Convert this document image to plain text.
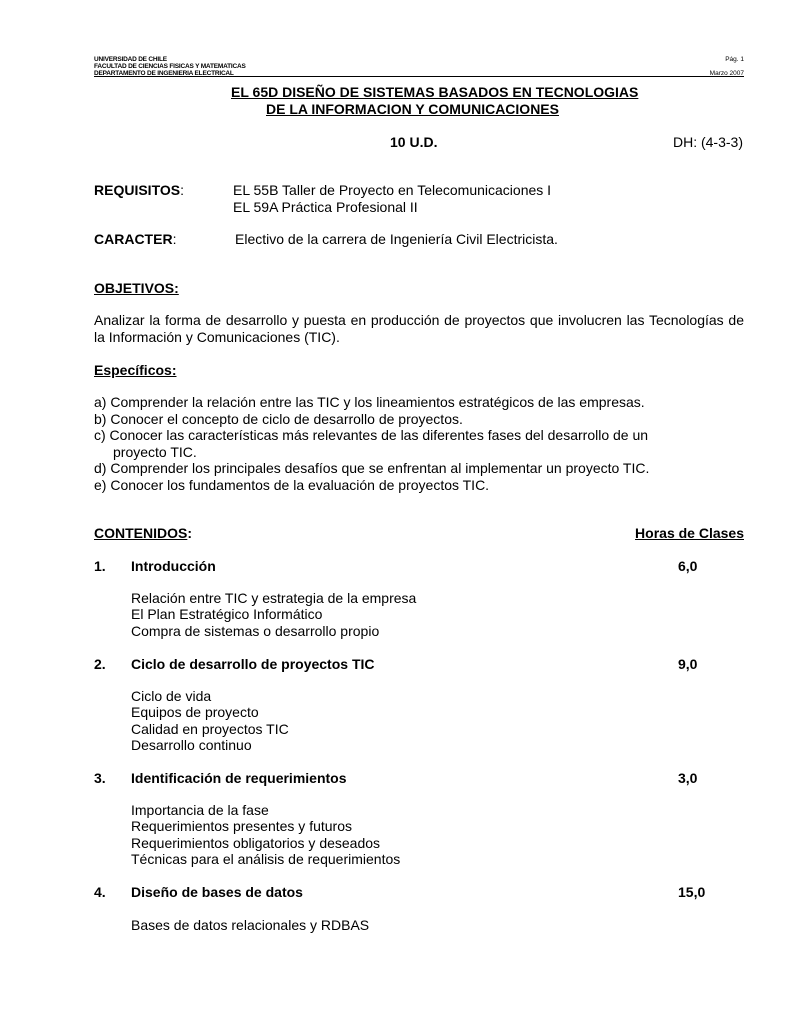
UNIVERSIDAD DE CHILE
FACULTAD DE CIENCIAS FISICAS Y MATEMATICAS
DEPARTAMENTO DE INGENIERIA ELECTRICAL
Pág. 1
Marzo 2007
EL 65D DISEÑO DE SISTEMAS BASADOS EN TECNOLOGIAS
DE LA INFORMACION Y COMUNICACIONES
10 U.D.	DH: (4-3-3)
REQUISITOS:	EL 55B Taller de Proyecto en Telecomunicaciones I
EL 59A Práctica Profesional II
CARACTER:	Electivo de la carrera de Ingeniería Civil Electricista.
OBJETIVOS:
Analizar la forma de desarrollo y puesta en producción de proyectos que involucren las Tecnologías de la Información y Comunicaciones (TIC).
Específicos:
a) Comprender la relación entre las TIC y los lineamientos estratégicos de las empresas.
b) Conocer el concepto de ciclo de desarrollo de proyectos.
c) Conocer las características más relevantes de las diferentes fases del desarrollo de un proyecto TIC.
d) Comprender los principales desafíos que se enfrentan al implementar un proyecto TIC.
e) Conocer los fundamentos de la evaluación de proyectos TIC.
CONTENIDOS:	Horas de Clases
1. Introducción	6,0
Relación entre TIC y estrategia de la empresa
El Plan Estratégico Informático
Compra de sistemas o desarrollo propio
2. Ciclo de desarrollo de proyectos TIC	9,0
Ciclo de vida
Equipos de proyecto
Calidad en proyectos TIC
Desarrollo continuo
3. Identificación de requerimientos	3,0
Importancia de la fase
Requerimientos presentes y futuros
Requerimientos obligatorios y deseados
Técnicas para el análisis de requerimientos
4. Diseño de bases de datos	15,0
Bases de datos relacionales y RDBAS
